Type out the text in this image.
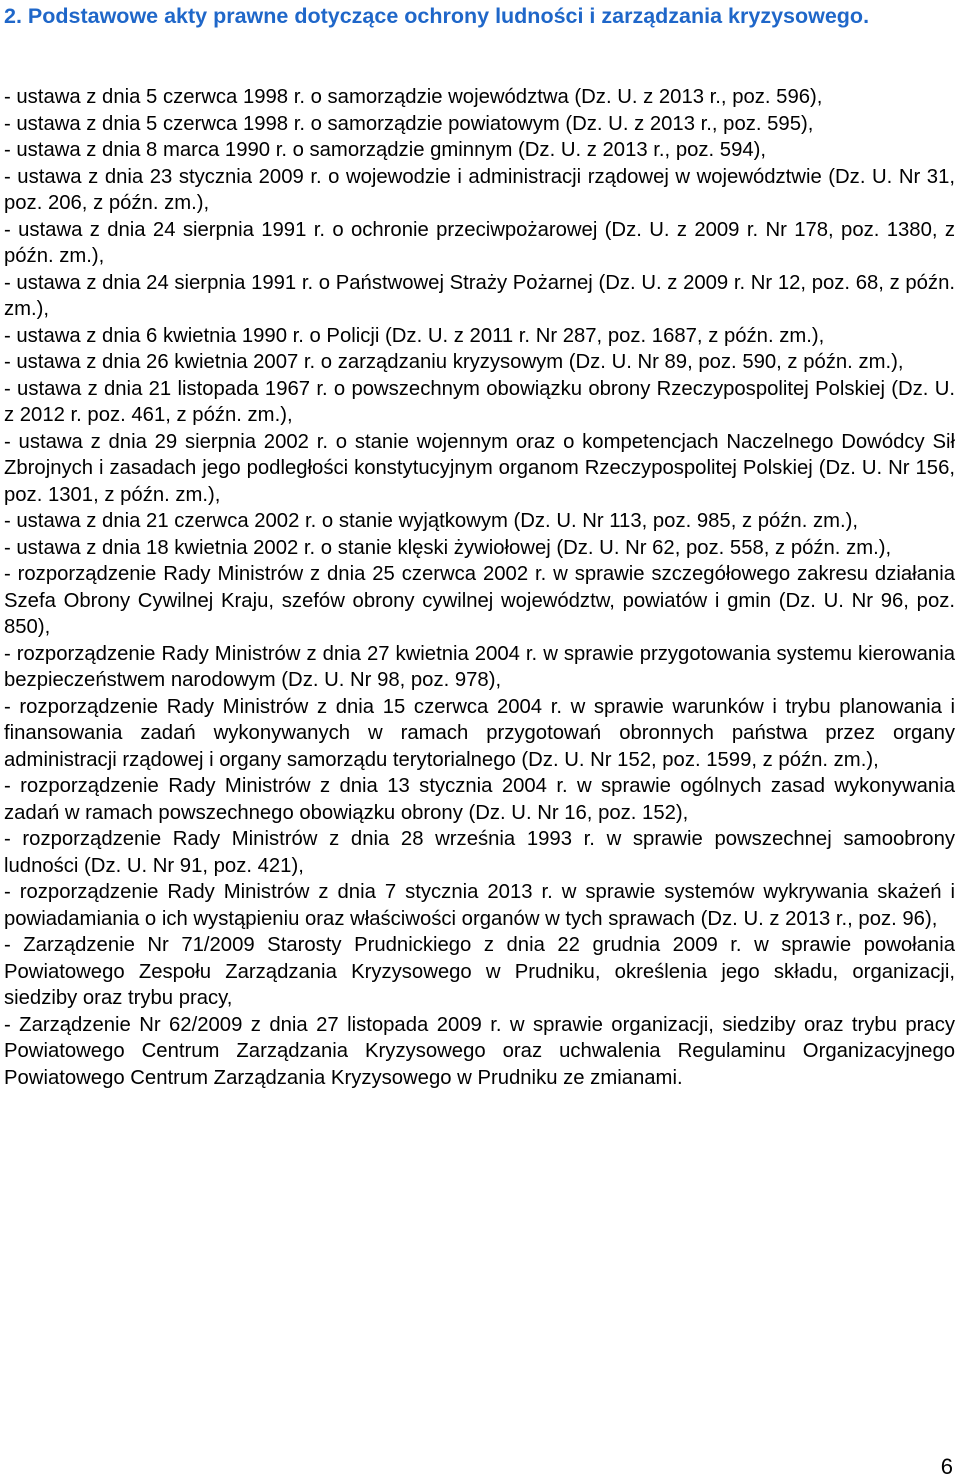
2. Podstawowe akty prawne dotyczące ochrony ludności i zarządzania kryzysowego.

- ustawa z dnia 5 czerwca 1998 r. o samorządzie województwa (Dz. U. z 2013 r., poz. 596),

- ustawa z dnia 5 czerwca 1998 r. o samorządzie powiatowym (Dz. U. z 2013 r., poz. 595),

- ustawa z dnia 8 marca 1990 r. o samorządzie gminnym (Dz. U. z 2013 r., poz. 594),

- ustawa z dnia 23 stycznia 2009 r. o wojewodzie i administracji rządowej w województwie (Dz. U. Nr 31, poz. 206, z późn. zm.),

- ustawa z dnia 24 sierpnia 1991 r. o ochronie przeciwpożarowej (Dz. U. z 2009 r. Nr 178, poz. 1380, z późn. zm.),

- ustawa z dnia 24 sierpnia 1991 r. o Państwowej Straży Pożarnej (Dz. U. z 2009 r. Nr 12, poz. 68, z późn. zm.),

- ustawa z dnia 6 kwietnia 1990 r. o Policji (Dz. U. z 2011 r. Nr 287, poz. 1687, z późn. zm.),

- ustawa z dnia 26 kwietnia 2007 r. o zarządzaniu kryzysowym (Dz. U. Nr 89, poz. 590, z późn. zm.),

- ustawa z dnia 21 listopada 1967 r. o powszechnym obowiązku obrony Rzeczypospolitej Polskiej (Dz. U. z 2012 r. poz. 461, z późn. zm.),

- ustawa z dnia 29 sierpnia 2002 r. o stanie wojennym oraz o kompetencjach Naczelnego Dowódcy Sił Zbrojnych i zasadach jego podległości konstytucyjnym organom Rzeczypospolitej Polskiej (Dz. U. Nr 156, poz. 1301, z późn. zm.),

- ustawa z dnia 21 czerwca 2002 r. o stanie wyjątkowym (Dz. U. Nr 113, poz. 985, z późn. zm.),

- ustawa z dnia 18 kwietnia 2002 r. o stanie klęski żywiołowej (Dz. U. Nr 62, poz. 558, z późn. zm.),

- rozporządzenie Rady Ministrów z dnia 25 czerwca 2002 r. w sprawie szczegółowego zakresu działania Szefa Obrony Cywilnej Kraju, szefów obrony cywilnej województw, powiatów i gmin (Dz. U. Nr 96, poz. 850),

- rozporządzenie Rady Ministrów z dnia 27 kwietnia 2004 r. w sprawie przygotowania systemu kierowania bezpieczeństwem narodowym (Dz. U. Nr 98, poz. 978),

- rozporządzenie Rady Ministrów z dnia 15 czerwca 2004 r. w sprawie warunków i trybu planowania i finansowania zadań wykonywanych w ramach przygotowań obronnych państwa przez organy administracji rządowej i organy samorządu terytorialnego (Dz. U. Nr 152, poz. 1599, z późn. zm.),

- rozporządzenie Rady Ministrów z dnia 13 stycznia 2004 r. w sprawie ogólnych zasad wykonywania zadań w ramach powszechnego obowiązku obrony (Dz. U. Nr 16, poz. 152),

- rozporządzenie Rady Ministrów z dnia 28 września 1993 r. w sprawie powszechnej samoobrony ludności (Dz. U. Nr 91, poz. 421),

- rozporządzenie Rady Ministrów z dnia 7 stycznia 2013 r. w sprawie systemów wykrywania skażeń i powiadamiania o ich wystąpieniu oraz właściwości organów w tych sprawach (Dz. U. z 2013 r., poz. 96),

- Zarządzenie Nr 71/2009 Starosty Prudnickiego z dnia 22 grudnia 2009 r. w sprawie powołania Powiatowego Zespołu Zarządzania Kryzysowego w Prudniku, określenia jego składu, organizacji, siedziby oraz trybu pracy,

- Zarządzenie Nr 62/2009 z dnia 27 listopada 2009 r. w sprawie organizacji, siedziby oraz trybu pracy Powiatowego Centrum Zarządzania Kryzysowego oraz uchwalenia Regulaminu Organizacyjnego Powiatowego Centrum Zarządzania Kryzysowego w Prudniku ze zmianami.

6
